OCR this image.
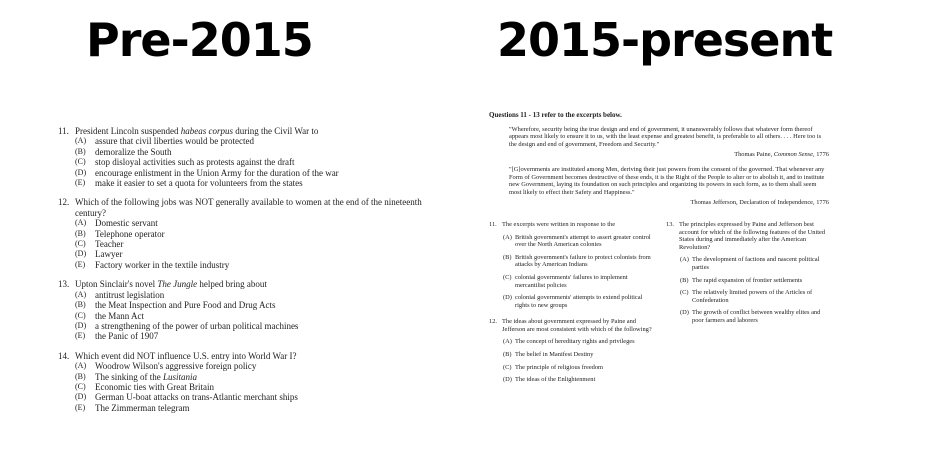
Pre-2015	2015-present
11. President Lincoln suspended habeas corpus during the Civil War to
(A) assure that civil liberties would be protected
(B)	demoralize the South
(C)	stop disloyal activities such as protests against the draft
(D) encourage enlistment in the Union Army for the duration of the war
(E)	make it easier to set a quota for volunteers from the states
12. Which of the following jobs was NOT generally available to women at the end of the nineteenth century?
(A) Domestic servant
(B)	Telephone operator
(C)	Teacher
(D) Lawyer
(E)	Factory worker in the textile industry
13. Upton Sinclair's novel The Jungle helped bring about
(A) antitrust legislation
(B)	the Meat Inspection and Pure Food and Drug Acts
(C)	the Mann Act
(D) a strengthening of the power of urban political machines
(E)	the Panic of 1907
14. Which event did NOT influence U.S. entry into World War I?
(A) Woodrow Wilson's aggressive foreign policy
(B)	The sinking of the Lusitania
(C)	Economic ties with Great Britain
(D) German U-boat attacks on trans-Atlantic merchant ships
(E)	The Zimmerman telegram
Questions 11 - 13 refer to the excerpts below.
"Wherefore, security being the true design and end of government, it unanswerably follows that whatever form thereof appears most likely to ensure it to us, with the least expense and greatest benefit, is preferable to all others. . . . Here too is the design and end of government, Freedom and Security."
Thomas Paine, Common Sense, 1776
"[G]overnments are instituted among Men, deriving their just powers from the consent of the governed. That whenever any Form of Government becomes destructive of these ends, it is the Right of the People to alter or to abolish it, and to institute new Government, laying its foundation on such principles and organizing its powers in such form, as to them shall seem most likely to effect their Safety and Happiness."
Thomas Jefferson, Declaration of Independence, 1776
11. The excerpts were written in response to the
(A) British government's attempt to assert greater control over the North American colonies
(B) British government's failure to protect colonists from attacks by American Indians
(C) colonial governments' failures to implement mercantilist policies
(D) colonial governments' attempts to extend political rights to new groups
12. The ideas about government expressed by Paine and Jefferson are most consistent with which of the following?
(A) The concept of hereditary rights and privileges
(B) The belief in Manifest Destiny
(C) The principle of religious freedom
(D) The ideas of the Enlightenment
13. The principles expressed by Paine and Jefferson best account for which of the following features of the United States during and immediately after the American Revolution?
(A) The development of factions and nascent political parties
(B) The rapid expansion of frontier settlements
(C) The relatively limited powers of the Articles of Confederation
(D) The growth of conflict between wealthy elites and poor farmers and laborers
